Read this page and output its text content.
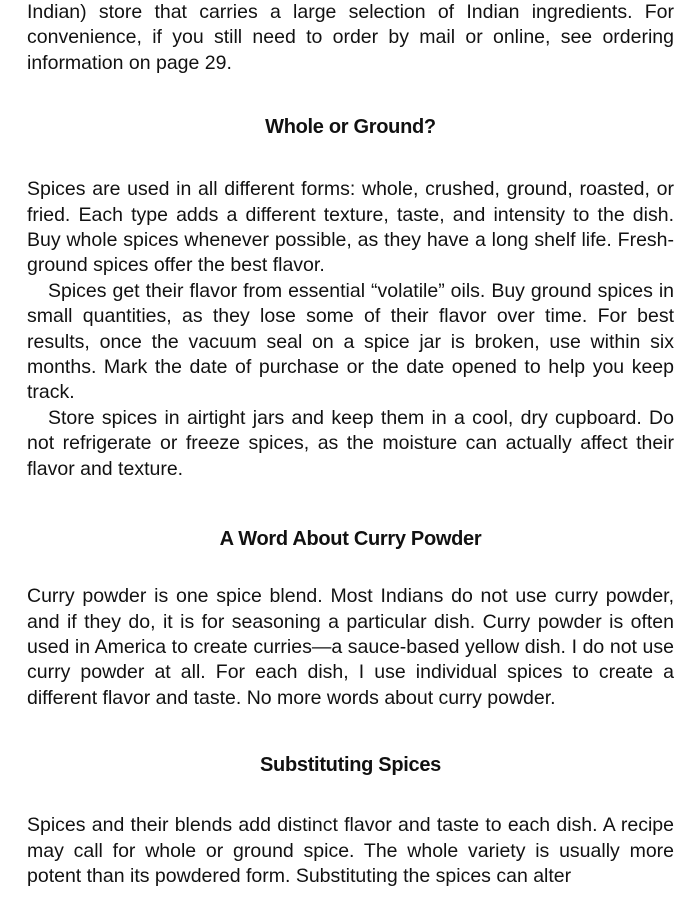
Indian) store that carries a large selection of Indian ingredients. For convenience, if you still need to order by mail or online, see ordering information on page 29.

Whole or Ground?

Spices are used in all different forms: whole, crushed, ground, roasted, or fried. Each type adds a different texture, taste, and intensity to the dish. Buy whole spices whenever possible, as they have a long shelf life. Fresh-ground spices offer the best flavor.

Spices get their flavor from essential “volatile” oils. Buy ground spices in small quantities, as they lose some of their flavor over time. For best results, once the vacuum seal on a spice jar is broken, use within six months. Mark the date of purchase or the date opened to help you keep track.

Store spices in airtight jars and keep them in a cool, dry cupboard. Do not refrigerate or freeze spices, as the moisture can actually affect their flavor and texture.

A Word About Curry Powder

Curry powder is one spice blend. Most Indians do not use curry powder, and if they do, it is for seasoning a particular dish. Curry powder is often used in America to create curries—a sauce-based yellow dish. I do not use curry powder at all. For each dish, I use individual spices to create a different flavor and taste. No more words about curry powder.

Substituting Spices

Spices and their blends add distinct flavor and taste to each dish. A recipe may call for whole or ground spice. The whole variety is usually more potent than its powdered form. Substituting the spices can alter
